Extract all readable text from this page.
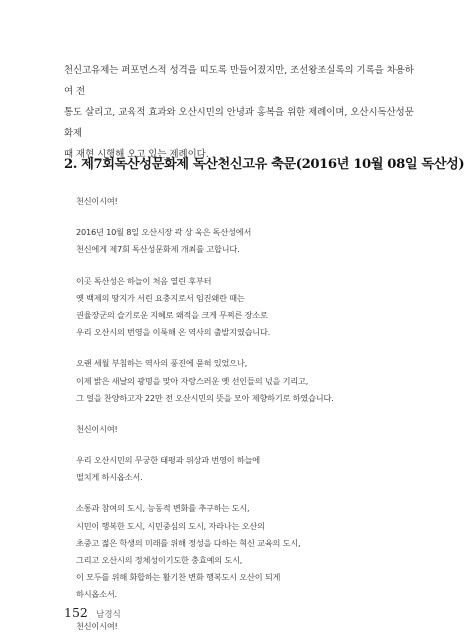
천신고유제는 퍼포먼스적 성격을 띠도록 만들어졌지만, 조선왕조실록의 기록을 차용하여 전

통도 살리고, 교육적 효과와 오산시민의 안녕과 홍복을 위한 제례이며, 오산시독산성문화제

때 재현 시행해 오고 있는 제례이다.

2. 제7회독산성문화제 독산천신고유 축문(2016년 10월 08일 독산성)
천신이시여!
2016년 10월 8일 오산시장 곽 상 욱은 독산성에서
천신에게 제7회 독산성문화제 개최를 고합니다.
이곳 독산성은 하늘이 처음 열린 후부터
옛 백제의 땅지가 서린 요충지로서 임진왜란 때는
권율장군의 슬기로운 지혜로 왜적을 크게 무찌른 장소로
우리 오산시의 번영을 이룩해 온 역사의 출발지였습니다.
오랜 세월 부침하는 역사의 풍진에 묻혀 있었으나,
이제 밝은 새날의 광명을 맞아 자랑스러운 옛 선인들의 넋을 기리고,
그 얼을 찬양하고자 22만 전 오산시민의 뜻을 모아 제향하기로 하였습니다.
천신이시여!
우리 오산시민의 무궁한 태평과 위상과 번영이 하늘에
떨치게 하시옵소서.
소통과 참여의 도시, 능동적 변화를 추구하는 도시,
시민이 행복한 도시, 시민중심의 도시, 자라나는 오산의
초중고 젊은 학생의 미래를 위해 정성을 다하는 혁신 교육의 도시,
그리고 오산시의 정체성이기도한 충효예의 도시,
이 모두를 위해 화합하는 활기찬 변화 행복도시 오산이 되게
하시옵소서.
천신이시여!
152 남경식
